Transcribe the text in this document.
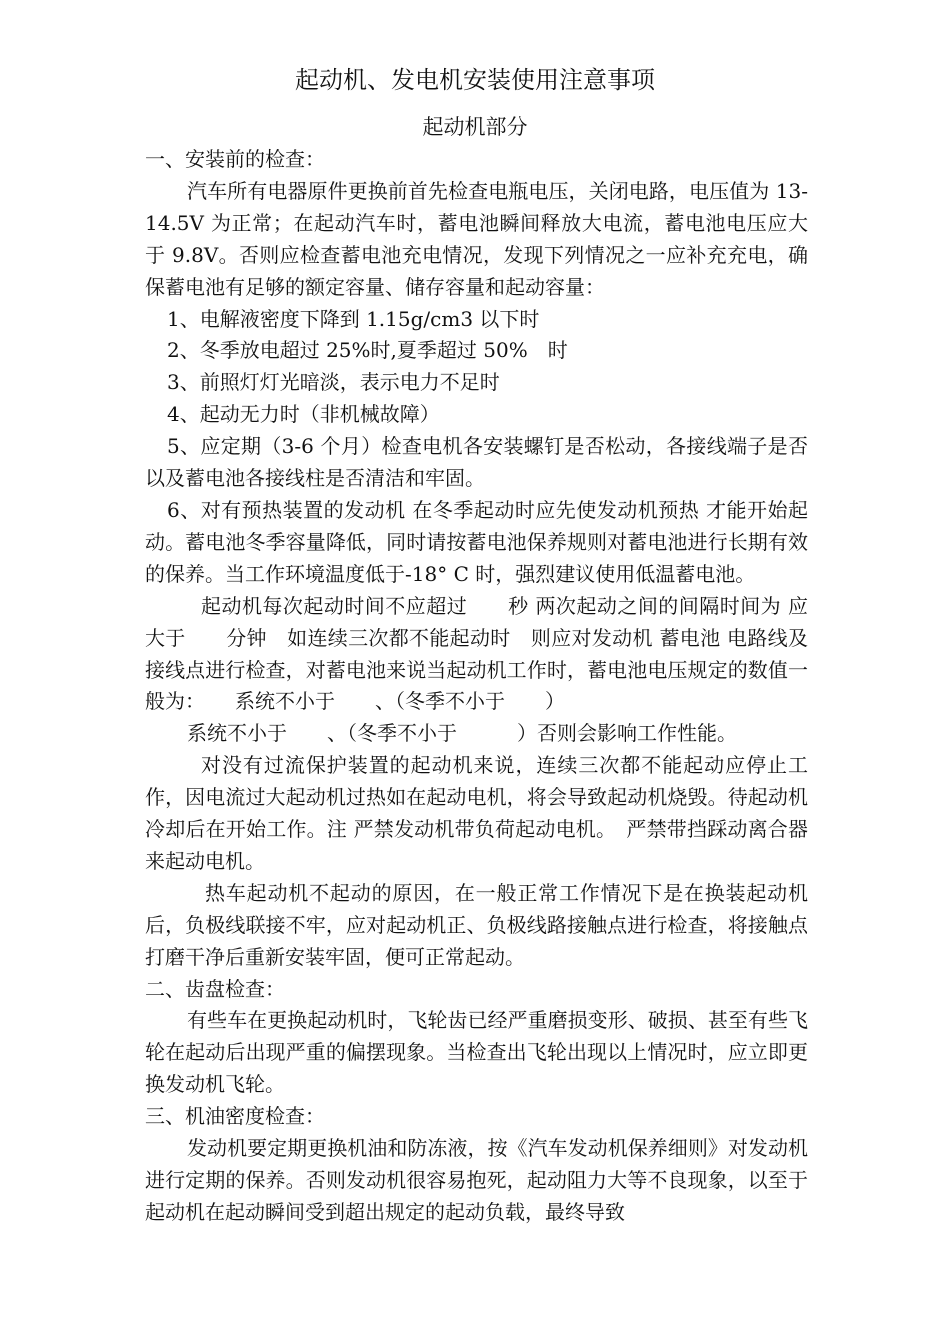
起动机、发电机安装使用注意事项
起动机部分

一、安装前的检查：

汽车所有电器原件更换前首先检查电瓶电压，关闭电路，电压值为 13-14.5V 为正常；在起动汽车时，蓄电池瞬间释放大电流，蓄电池电压应大于 9.8V。否则应检查蓄电池充电情况，发现下列情况之一应补充充电，确保蓄电池有足够的额定容量、储存容量和起动容量：

1、电解液密度下降到 1.15g/cm3 以下时

2、冬季放电超过 25%时,夏季超过 50%　时

3、前照灯灯光暗淡，表示电力不足时

4、起动无力时（非机械故障）

5、应定期（3-6 个月）检查电机各安装螺钉是否松动，各接线端子是否以及蓄电池各接线柱是否清洁和牢固。

6、对有预热装置的发动机 在冬季起动时应先使发动机预热 才能开始起动。蓄电池冬季容量降低，同时请按蓄电池保养规则对蓄电池进行长期有效的保养。当工作环境温度低于-18° C 时，强烈建议使用低温蓄电池。

起动机每次起动时间不应超过　　秒 两次起动之间的间隔时间为 应大于　　分钟　如连续三次都不能起动时　则应对发动机 蓄电池 电路线及接线点进行检查，对蓄电池来说当起动机工作时，蓄电池电压规定的数值一般为：　　系统不小于　　、（冬季不小于　　）

系统不小于　　、（冬季不小于　　　）否则会影响工作性能。

对没有过流保护装置的起动机来说，连续三次都不能起动应停止工作，因电流过大起动机过热如在起动电机，将会导致起动机烧毁。待起动机冷却后在开始工作。注 严禁发动机带负荷起动电机。　严禁带挡踩动离合器来起动电机。

热车起动机不起动的原因，在一般正常工作情况下是在换装起动机后，负极线联接不牢，应对起动机正、负极线路接触点进行检查，将接触点打磨干净后重新安装牢固，便可正常起动。

二、齿盘检查：

有些车在更换起动机时，飞轮齿已经严重磨损变形、破损、甚至有些飞轮在起动后出现严重的偏摆现象。当检查出飞轮出现以上情况时，应立即更换发动机飞轮。

三、机油密度检查：

发动机要定期更换机油和防冻液，按《汽车发动机保养细则》对发动机进行定期的保养。否则发动机很容易抱死，起动阻力大等不良现象，以至于起动机在起动瞬间受到超出规定的起动负载，最终导致
